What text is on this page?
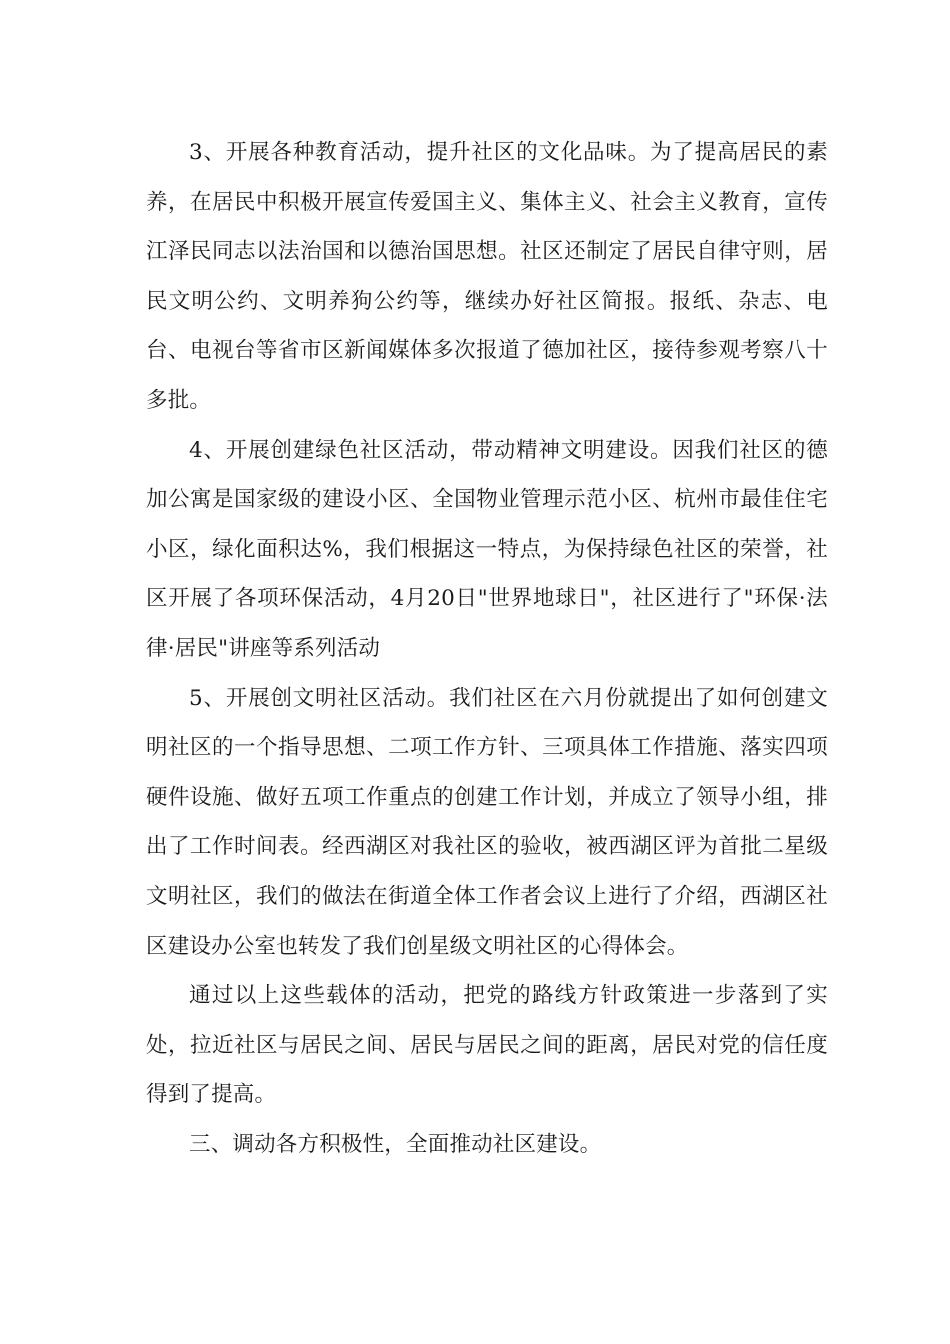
3、开展各种教育活动，提升社区的文化品味。为了提高居民的素养，在居民中积极开展宣传爱国主义、集体主义、社会主义教育，宣传江泽民同志以法治国和以德治国思想。社区还制定了居民自律守则，居民文明公约、文明养狗公约等，继续办好社区简报。报纸、杂志、电台、电视台等省市区新闻媒体多次报道了德加社区，接待参观考察八十多批。

4、开展创建绿色社区活动，带动精神文明建设。因我们社区的德加公寓是国家级的建设小区、全国物业管理示范小区、杭州市最佳住宅小区，绿化面积达%，我们根据这一特点，为保持绿色社区的荣誉，社区开展了各项环保活动，4月20日"世界地球日"，社区进行了"环保·法律·居民"讲座等系列活动

5、开展创文明社区活动。我们社区在六月份就提出了如何创建文明社区的一个指导思想、二项工作方针、三项具体工作措施、落实四项硬件设施、做好五项工作重点的创建工作计划，并成立了领导小组，排出了工作时间表。经西湖区对我社区的验收，被西湖区评为首批二星级文明社区，我们的做法在街道全体工作者会议上进行了介绍，西湖区社区建设办公室也转发了我们创星级文明社区的心得体会。

通过以上这些载体的活动，把党的路线方针政策进一步落到了实处，拉近社区与居民之间、居民与居民之间的距离，居民对党的信任度得到了提高。

三、调动各方积极性，全面推动社区建设。
